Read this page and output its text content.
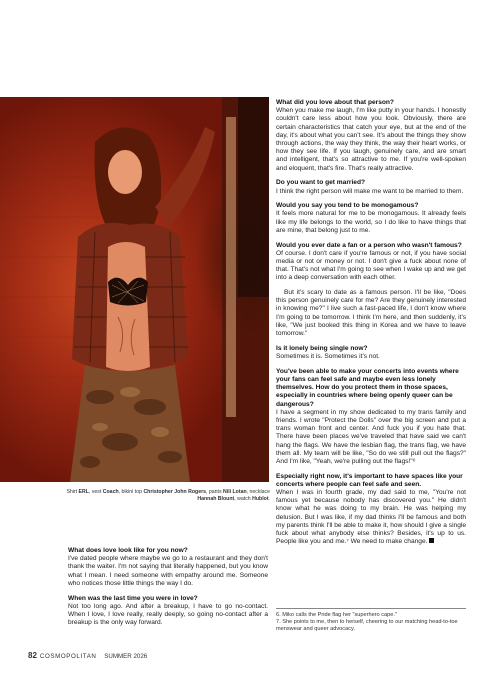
Shirt ERL, vest Coach, bikini top Christopher John Rogers, pants Nili Lotan, necklace Hannah Blount, watch Hublot.

What does love look like for you now?

I've dated people where maybe we go to a restaurant and they don't thank the waiter. I'm not saying that literally happened, but you know what I mean. I need someone with empathy around me. Someone who notices those little things the way I do.

When was the last time you were in love?

Not too long ago. And after a breakup, I have to go no-contact. When I love, I love really, really deeply, so going no-contact after a breakup is the only way forward.

What did you love about that person?

When you make me laugh, I'm like putty in your hands. I honestly couldn't care less about how you look. Obviously, there are certain characteristics that catch your eye, but at the end of the day, it's about what you can't see. It's about the things they show through actions, the way they think, the way their heart works, or how they see life. If you laugh, genuinely care, and are smart and intelligent, that's so attractive to me. If you're well-spoken and eloquent, that's fire. That's really attractive.

Do you want to get married?

I think the right person will make me want to be married to them.

Would you say you tend to be monogamous?

It feels more natural for me to be monogamous. It already feels like my life belongs to the world, so I do like to have things that are mine, that belong just to me.

Would you ever date a fan or a person who wasn't famous?

Of course. I don't care if you're famous or not, if you have social media or not or money or not. I don't give a fuck about none of that. That's not what I'm going to see when I wake up and we get into a deep conversation with each other.

But it's scary to date as a famous person. I'll be like, "Does this person genuinely care for me? Are they genuinely interested in knowing me?" I live such a fast-paced life, I don't know where I'm going to be tomorrow. I think I'm here, and then suddenly, it's like, "We just booked this thing in Korea and we have to leave tomorrow."

Is it lonely being single now?

Sometimes it is. Sometimes it's not.

You've been able to make your concerts into events where your fans can feel safe and maybe even less lonely themselves. How do you protect them in those spaces, especially in countries where being openly queer can be dangerous?

I have a segment in my show dedicated to my trans family and friends. I wrote "Protect the Dolls" over the big screen and put a trans woman front and center. And fuck you if you hate that. There have been places we've traveled that have said we can't hang the flags. We have the lesbian flag, the trans flag, we have them all. My team will be like, "So do we still pull out the flags?" And I'm like, "Yeah, we're pulling out the flags!"⁶

Especially right now, it's important to have spaces like your concerts where people can feel safe and seen.

When I was in fourth grade, my dad said to me, "You're not famous yet because nobody has discovered you." He didn't know what he was doing to my brain. He was helping my delusion. But I was like, if my dad thinks I'll be famous and both my parents think I'll be able to make it, how should I give a single fuck about what anybody else thinks? Besides, it's up to us. People like you and me.⁷ We need to make change.

6. Miko calls the Pride flag her "superhero cape."

7. She points to me, then to herself, cheering to our matching head-to-toe menswear and queer advocacy.

82 COSMOPOLITAN
SUMMER 2026
